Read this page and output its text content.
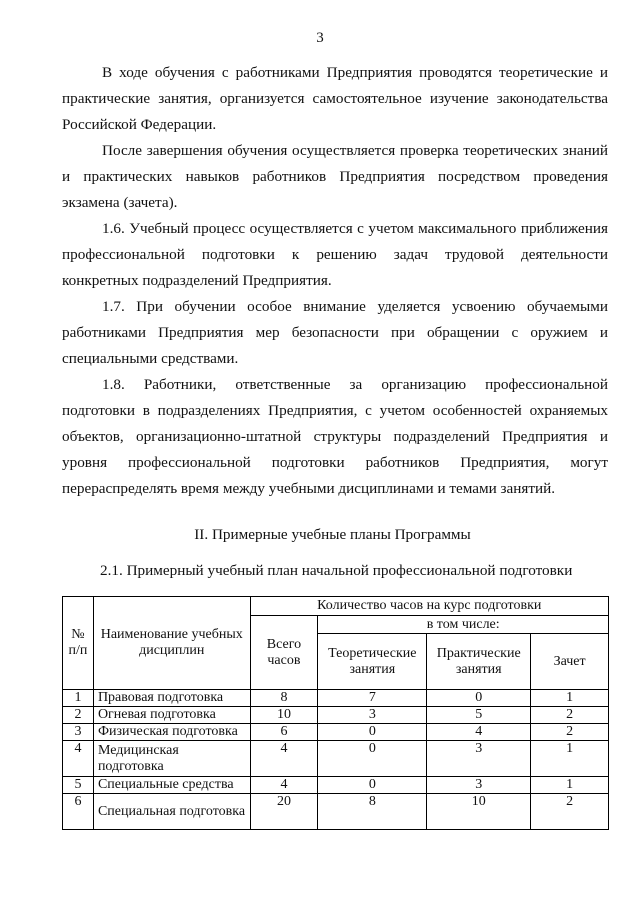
3

В ходе обучения с работниками Предприятия проводятся теоретические и практические занятия, организуется самостоятельное изучение законодательства Российской Федерации.

После завершения обучения осуществляется проверка теоретических знаний и практических навыков работников Предприятия посредством проведения экзамена (зачета).

1.6. Учебный процесс осуществляется с учетом максимального приближения профессиональной подготовки к решению задач трудовой деятельности конкретных подразделений Предприятия.

1.7. При обучении особое внимание уделяется усвоению обучаемыми работниками Предприятия мер безопасности при обращении с оружием и специальными средствами.

1.8. Работники, ответственные за организацию профессиональной подготовки в подразделениях Предприятия, с учетом особенностей охраняемых объектов, организационно-штатной структуры подразделений Предприятия и уровня профессиональной подготовки работников Предприятия, могут перераспределять время между учебными дисциплинами и темами занятий.

II. Примерные учебные планы Программы
2.1. Примерный учебный план начальной профессиональной подготовки
№ п/п	Наименование учебных дисциплин	Количество часов на курс подготовки			
		Всего часов	в том числе:		
			Теоретические занятия	Практические занятия	Зачет
1	Правовая подготовка	8	7	0	1
2	Огневая подготовка	10	3	5	2
3	Физическая подготовка	6	0	4	2
4	Медицинская подготовка	4	0	3	1
5	Специальные средства	4	0	3	1
6	Специальная подготовка	20	8	10	2
